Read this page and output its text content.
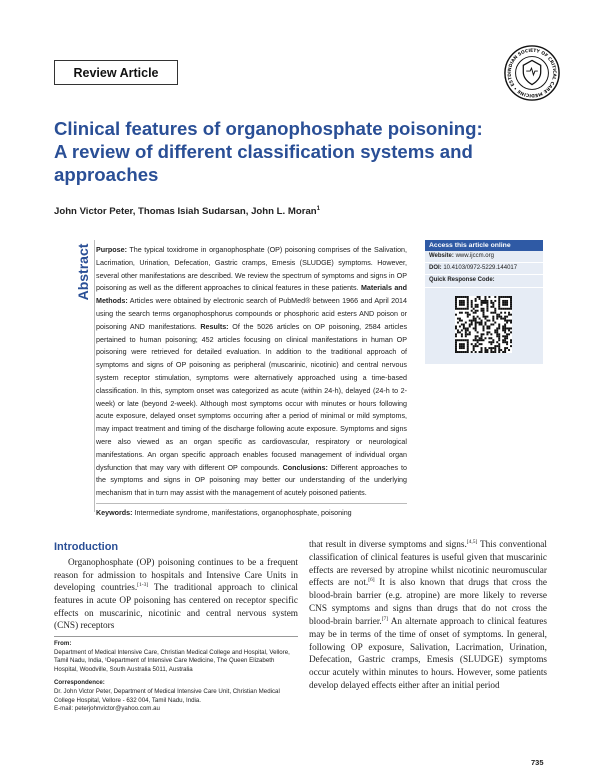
Review Article	INDIAN SOCIETY OF CRITICAL CARE MEDICINE • ESTD
Clinical features of organophosphate poisoning:
A review of different classification systems and
approaches
John Victor Peter, Thomas Isiah Sudarsan, John L. Moran$^1$
Abstract Purpose: The typical toxidrome in organophosphate (OP) poisoning comprises of the Salivation, Lacrimation, Urination, Defecation, Gastric cramps, Emesis (SLUDGE) symptoms. However, several other manifestations are described. We review the spectrum of symptoms and signs in OP poisoning as well as the different approaches to clinical features in these patients. Materials and Methods: Articles were obtained by electronic search of PubMed® between 1966 and April 2014 using the search terms organophosphorus compounds or phosphoric acid esters AND poison or poisoning AND manifestations. Results: Of the 5026 articles on OP poisoning, 2584 articles pertained to human poisoning; 452 articles focusing on clinical manifestations in human OP poisoning were retrieved for detailed evaluation. In addition to the traditional approach of symptoms and signs of OP poisoning as peripheral (muscarinic, nicotinic) and central nervous system receptor stimulation, symptoms were alternatively approached using a time-based classification. In this, symptom onset was categorized as acute (within 24-h), delayed (24-h to 2-week) or late (beyond 2-week). Although most symptoms occur with minutes or hours following acute exposure, delayed onset symptoms occurring after a period of minimal or mild symptoms, may impact treatment and timing of the discharge following acute exposure. Symptoms and signs were also viewed as an organ specific as cardiovascular, respiratory or neurological manifestations. An organ specific approach enables focused management of individual organ dysfunction that may vary with different OP compounds. Conclusions: Different approaches to the symptoms and signs in OP poisoning may better our understanding of the underlying mechanism that in turn may assist with the management of acutely poisoned patients.
Keywords: Intermediate syndrome, manifestations, organophosphate, poisoning
Access this article online
Website: www.ijccm.org
DOI: 10.4103/0972-5229.144017
Quick Response Code:
Introduction
Organophosphate (OP) poisoning continues to be a frequent reason for admission to hospitals and Intensive Care Units in developing countries.[1-3] The traditional approach to clinical features in acute OP poisoning has centered on receptor specific effects on muscarinic, nicotinic and central nervous system (CNS) receptors
that result in diverse symptoms and signs.[4,5] This conventional classification of clinical features is useful given that muscarinic effects are reversed by atropine whilst nicotinic neuromuscular effects are not.[6] It is also known that drugs that cross the blood-brain barrier (e.g. atropine) are more likely to reverse CNS symptoms and signs than drugs that do not cross the blood-brain barrier.[7] An alternate approach to clinical features may be in terms of the time of onset of symptoms. In general, following OP exposure, Salivation, Lacrimation, Urination, Defecation, Gastric cramps, Emesis (SLUDGE) symptoms occur acutely within minutes to hours. However, some patients develop delayed effects either after an initial period
From:
Department of Medical Intensive Care, Christian Medical College and Hospital, Vellore, Tamil Nadu, India, ¹Department of Intensive Care Medicine, The Queen Elizabeth Hospital, Woodville, South Australia 5011, Australia
Correspondence:
Dr. John Victor Peter, Department of Medical Intensive Care Unit, Christian Medical College Hospital, Vellore - 632 004, Tamil Nadu, India.
E-mail: peterjohnvictor@yahoo.com.au
735
